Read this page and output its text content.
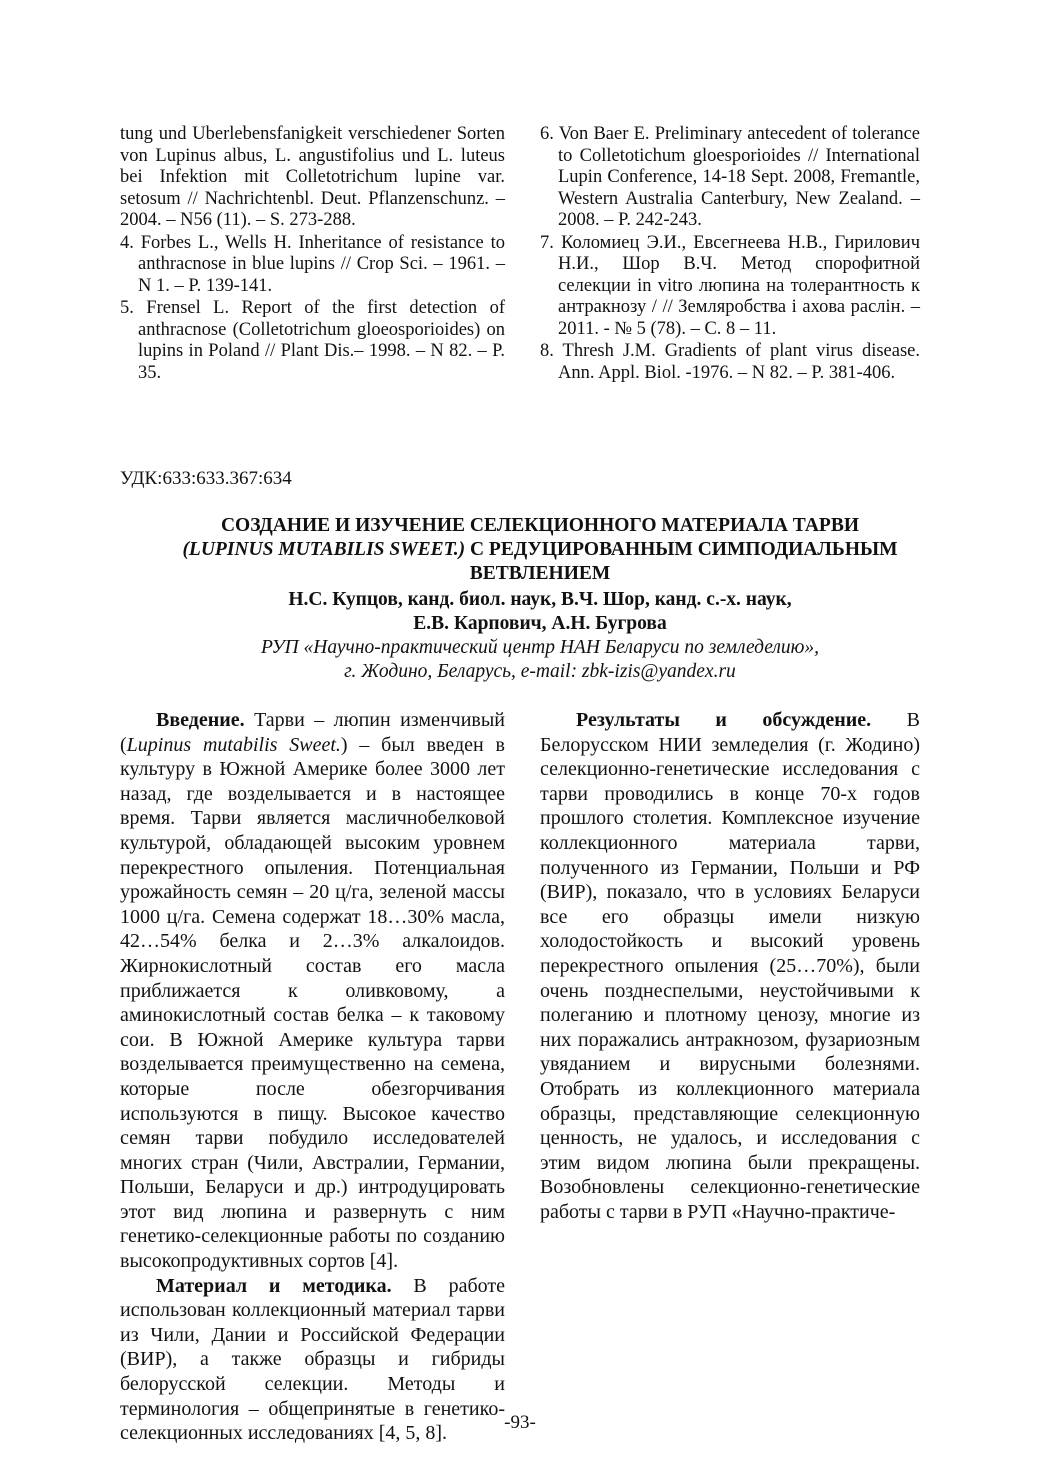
tung und Uberlebensfanigkeit verschiedener Sorten von Lupinus albus, L. angustifolius und L. luteus bei Infektion mit Colletotrichum lupine var. setosum // Nachrichtenbl. Deut. Pflanzenschunz. – 2004. – N56 (11). – S. 273-288.

4. Forbes L., Wells H. Inheritance of resistance to anthracnose in blue lupins // Crop Sci. – 1961. – N 1. – P. 139-141.

5. Frensel L. Report of the first detection of anthracnose (Colletotrichum gloeosporioides) on lupins in Poland // Plant Dis.– 1998. – N 82. – P. 35.

6. Von Baer E. Preliminary antecedent of tolerance to Colletotichum gloesporioides // International Lupin Conference, 14-18 Sept. 2008, Fremantle, Western Australia Canterbury, New Zealand. – 2008. – P. 242-243.

7. Коломиец Э.И., Евсегнеева Н.В., Гирилович Н.И., Шор В.Ч. Метод спорофитной селекции in vitro люпина на толерантность к антракнозу / // Земляробства і ахова раслін. – 2011. - № 5 (78). – С. 8 – 11.

8. Thresh J.M. Gradients of plant virus disease. Ann. Appl. Biol. -1976. – N 82. – P. 381-406.

УДК:633:633.367:634
СОЗДАНИЕ И ИЗУЧЕНИЕ СЕЛЕКЦИОННОГО МАТЕРИАЛА ТАРВИ
(LUPINUS MUTABILIS SWEET.) С РЕДУЦИРОВАННЫМ СИМПОДИАЛЬНЫМ
ВЕТВЛЕНИЕМ
Н.С. Купцов, канд. биол. наук, В.Ч. Шор, канд. с.-х. наук,
Е.В. Карпович, А.Н. Бугрова
РУП «Научно-практический центр НАН Беларуси по земледелию»,
г. Жодино, Беларусь, e-mail: zbk-izis@yandex.ru

Введение. Тарви – люпин изменчивый (Lupinus mutabilis Sweet.) – был введен в культуру в Южной Америке более 3000 лет назад, где возделывается и в настоящее время. Тарви является масличнобелковой культурой, обладающей высоким уровнем перекрестного опыления. Потенциальная урожайность семян – 20 ц/га, зеленой массы 1000 ц/га. Семена содержат 18…30% масла, 42…54% белка и 2…3% алкалоидов. Жирнокислотный состав его масла приближается к оливковому, а аминокислотный состав белка – к таковому сои. В Южной Америке культура тарви возделывается преимущественно на семена, которые после обезгорчивания используются в пищу. Высокое качество семян тарви побудило исследователей многих стран (Чили, Австралии, Германии, Польши, Беларуси и др.) интродуцировать этот вид люпина и развернуть с ним генетико-селекционные работы по созданию высокопродуктивных сортов [4].

Материал и методика. В работе использован коллекционный материал тарви из Чили, Дании и Российской Федерации (ВИР), а также образцы и гибриды белорусской селекции. Методы и терминология – общепринятые в генетико-селекционных исследованиях [4, 5, 8].

Результаты и обсуждение. В Белорусском НИИ земледелия (г. Жодино) селекционно-генетические исследования с тарви проводились в конце 70-х годов прошлого столетия. Комплексное изучение коллекционного материала тарви, полученного из Германии, Польши и РФ (ВИР), показало, что в условиях Беларуси все его образцы имели низкую холодостойкость и высокий уровень перекрестного опыления (25…70%), были очень позднеспелыми, неустойчивыми к полеганию и плотному ценозу, многие из них поражались антракнозом, фузариозным увяданием и вирусными болезнями. Отобрать из коллекционного материала образцы, представляющие селекционную ценность, не удалось, и исследования с этим видом люпина были прекращены. Возобновлены селекционно-генетические работы с тарви в РУП «Научно-практиче-

-93-
